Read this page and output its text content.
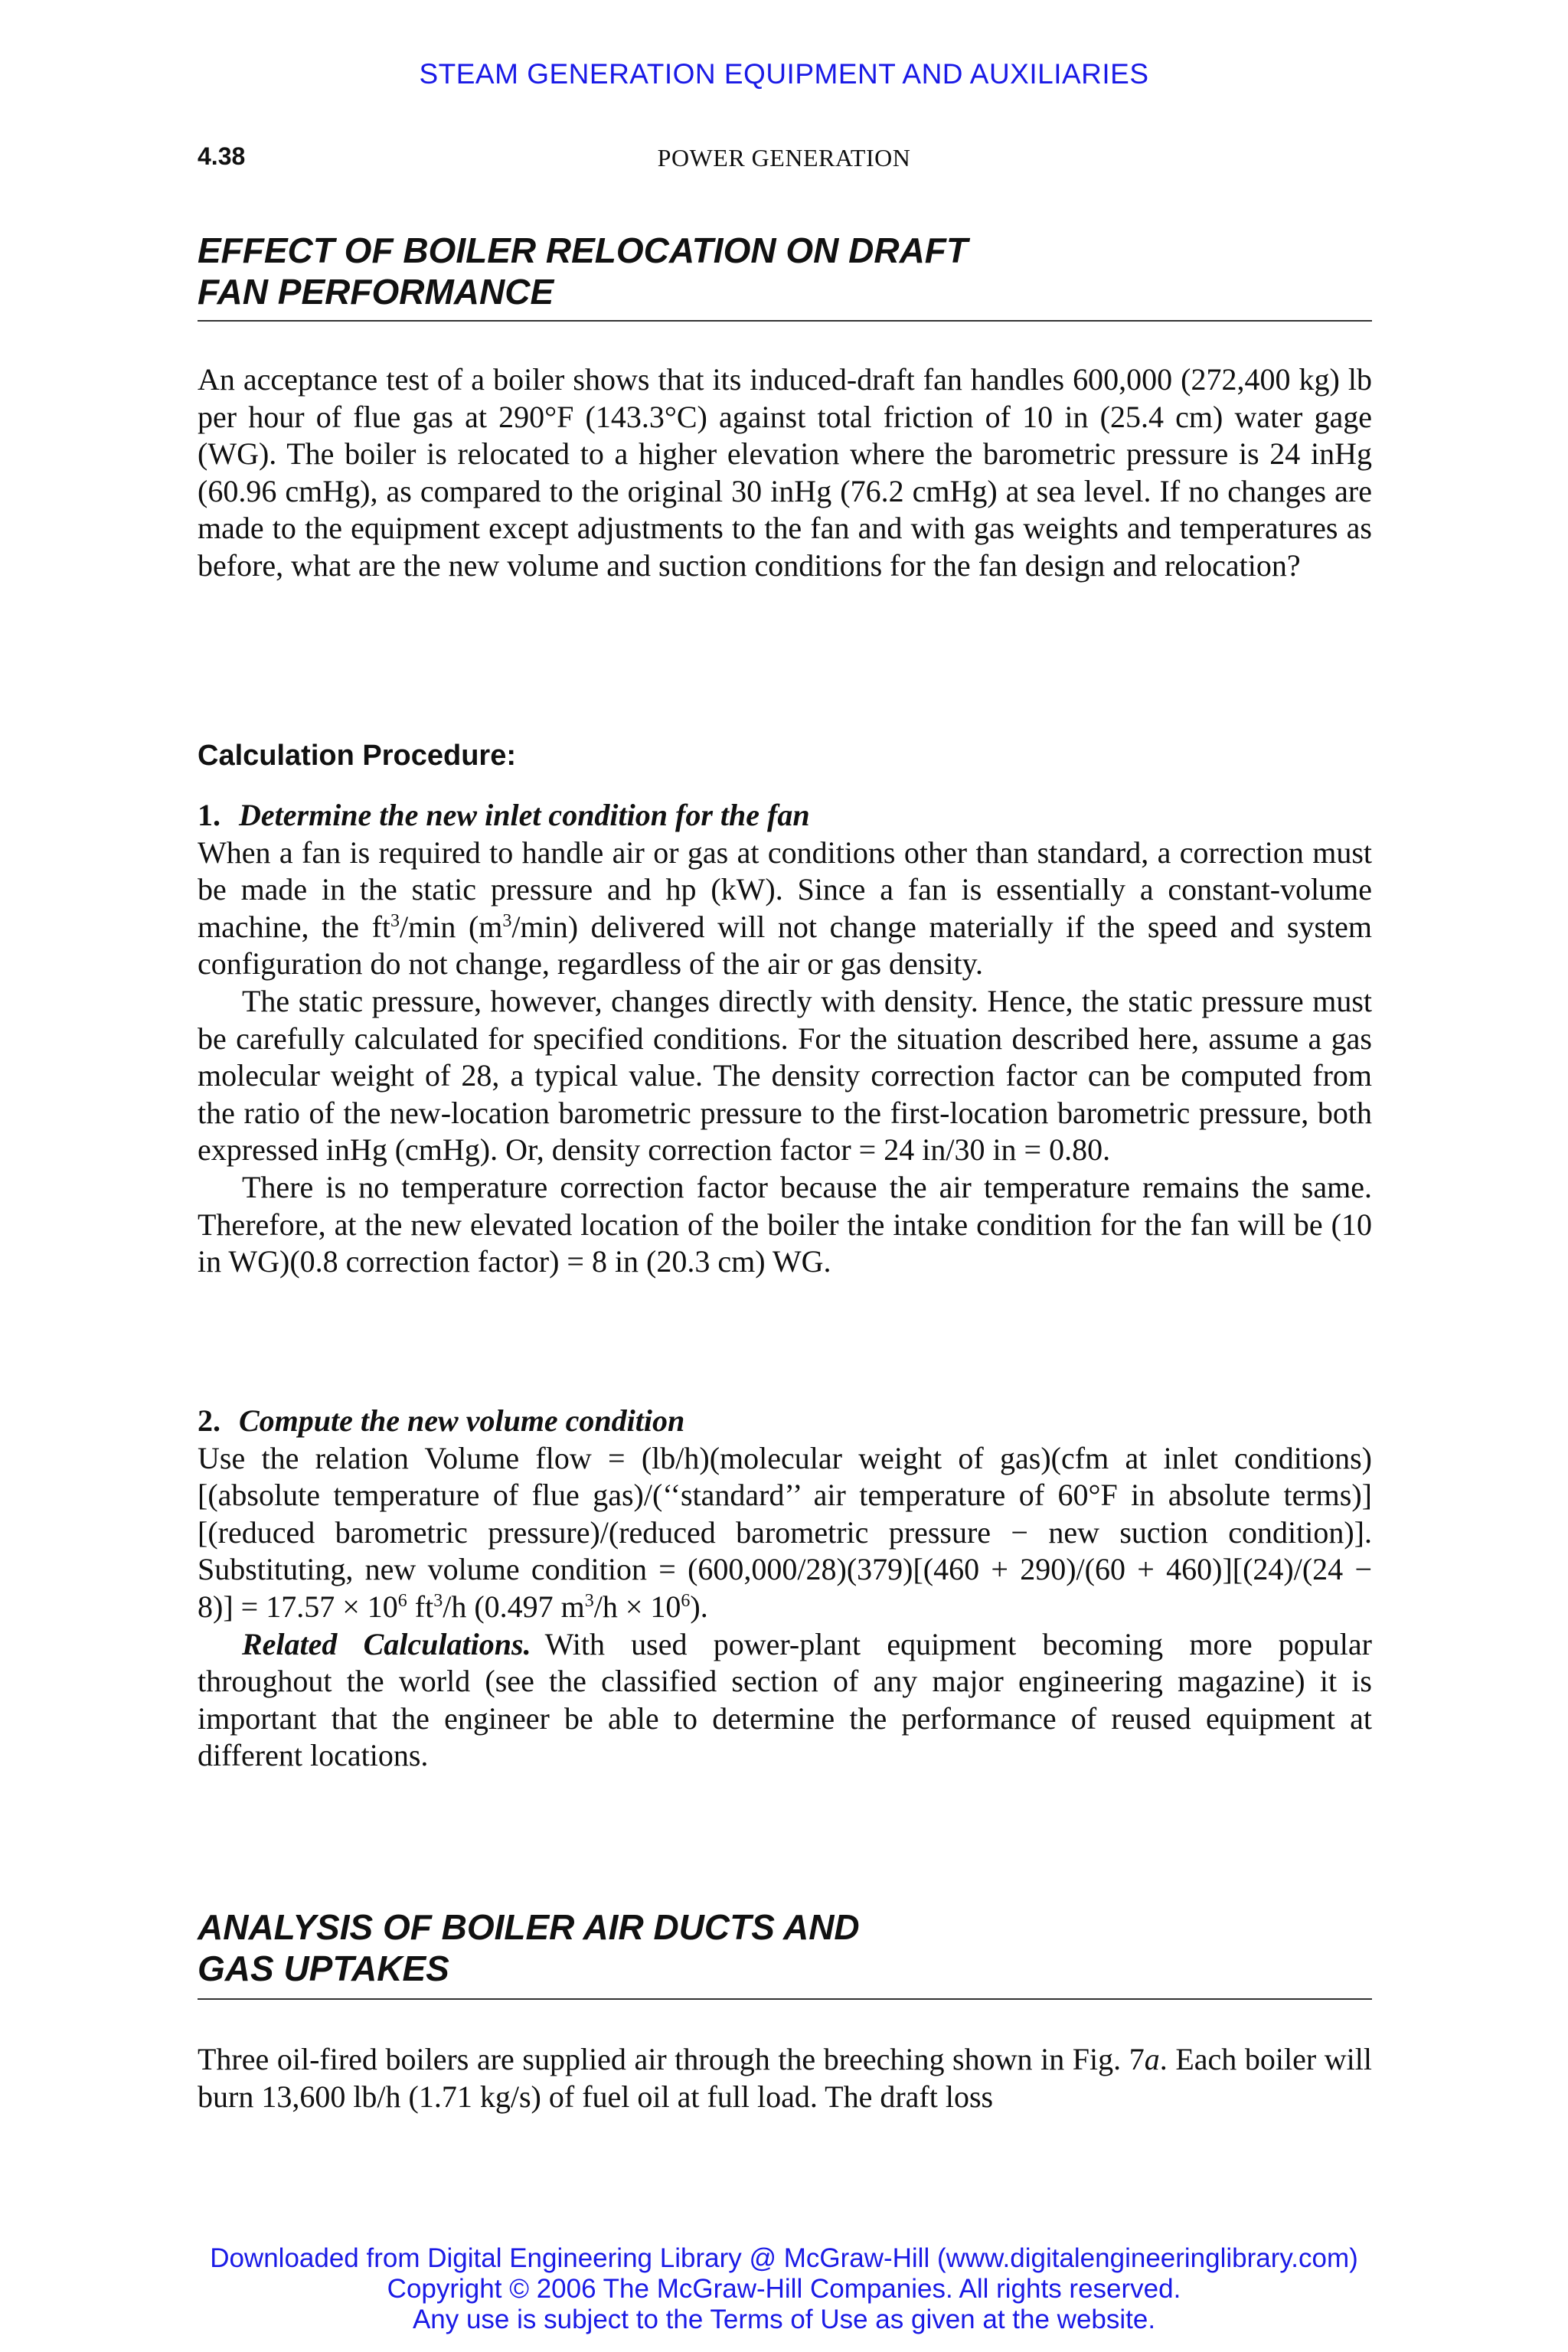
STEAM GENERATION EQUIPMENT AND AUXILIARIES
4.38	POWER GENERATION
EFFECT OF BOILER RELOCATION ON DRAFT
FAN PERFORMANCE

An acceptance test of a boiler shows that its induced-draft fan handles 600,000 (272,400 kg) lb per hour of flue gas at 290°F (143.3°C) against total friction of 10 in (25.4 cm) water gage (WG). The boiler is relocated to a higher elevation where the barometric pressure is 24 inHg (60.96 cmHg), as compared to the original 30 inHg (76.2 cmHg) at sea level. If no changes are made to the equipment except adjustments to the fan and with gas weights and temperatures as before, what are the new volume and suction conditions for the fan design and relocation?

Calculation Procedure:

1. Determine the new inlet condition for the fan

When a fan is required to handle air or gas at conditions other than standard, a correction must be made in the static pressure and hp (kW). Since a fan is essentially a constant-volume machine, the $ft^3/\min$ $(m^3/\min)$ delivered will not change materially if the speed and system configuration do not change, regardless of the air or gas density.

The static pressure, however, changes directly with density. Hence, the static pressure must be carefully calculated for specified conditions. For the situation described here, assume a gas molecular weight of 28, a typical value. The density correction factor can be computed from the ratio of the new-location barometric pressure to the first-location barometric pressure, both expressed inHg (cmHg). Or, density correction factor = 24 in/30 in = 0.80.

There is no temperature correction factor because the air temperature remains the same. Therefore, at the new elevated location of the boiler the intake condition for the fan will be (10 in WG)(0.8 correction factor) = 8 in (20.3 cm) WG.

2. Compute the new volume condition

Use the relation Volume flow = (lb/h)(molecular weight of gas)(cfm at inlet conditions)[(absolute temperature of flue gas)/(‘‘standard’’ air temperature of 60°F in absolute terms)][(reduced barometric pressure)/(reduced barometric pressure − new suction condition)]. Substituting, new volume condition = $(600,000/28)(379)[(460 + 290)/(60 + 460)][(24)/(24 - 8)] = 17.57 \times 10^6$ $ft^3/h$ (0.497 $m^3/h \times 10^6$).

Related Calculations. With used power-plant equipment becoming more popular throughout the world (see the classified section of any major engineering magazine) it is important that the engineer be able to determine the performance of reused equipment at different locations.

ANALYSIS OF BOILER AIR DUCTS AND
GAS UPTAKES

Three oil-fired boilers are supplied air through the breeching shown in Fig. 7a. Each boiler will burn 13,600 lb/h (1.71 kg/s) of fuel oil at full load. The draft loss

Downloaded from Digital Engineering Library @ McGraw-Hill (www.digitalengineeringlibrary.com)
Copyright © 2006 The McGraw-Hill Companies. All rights reserved.
Any use is subject to the Terms of Use as given at the website.
